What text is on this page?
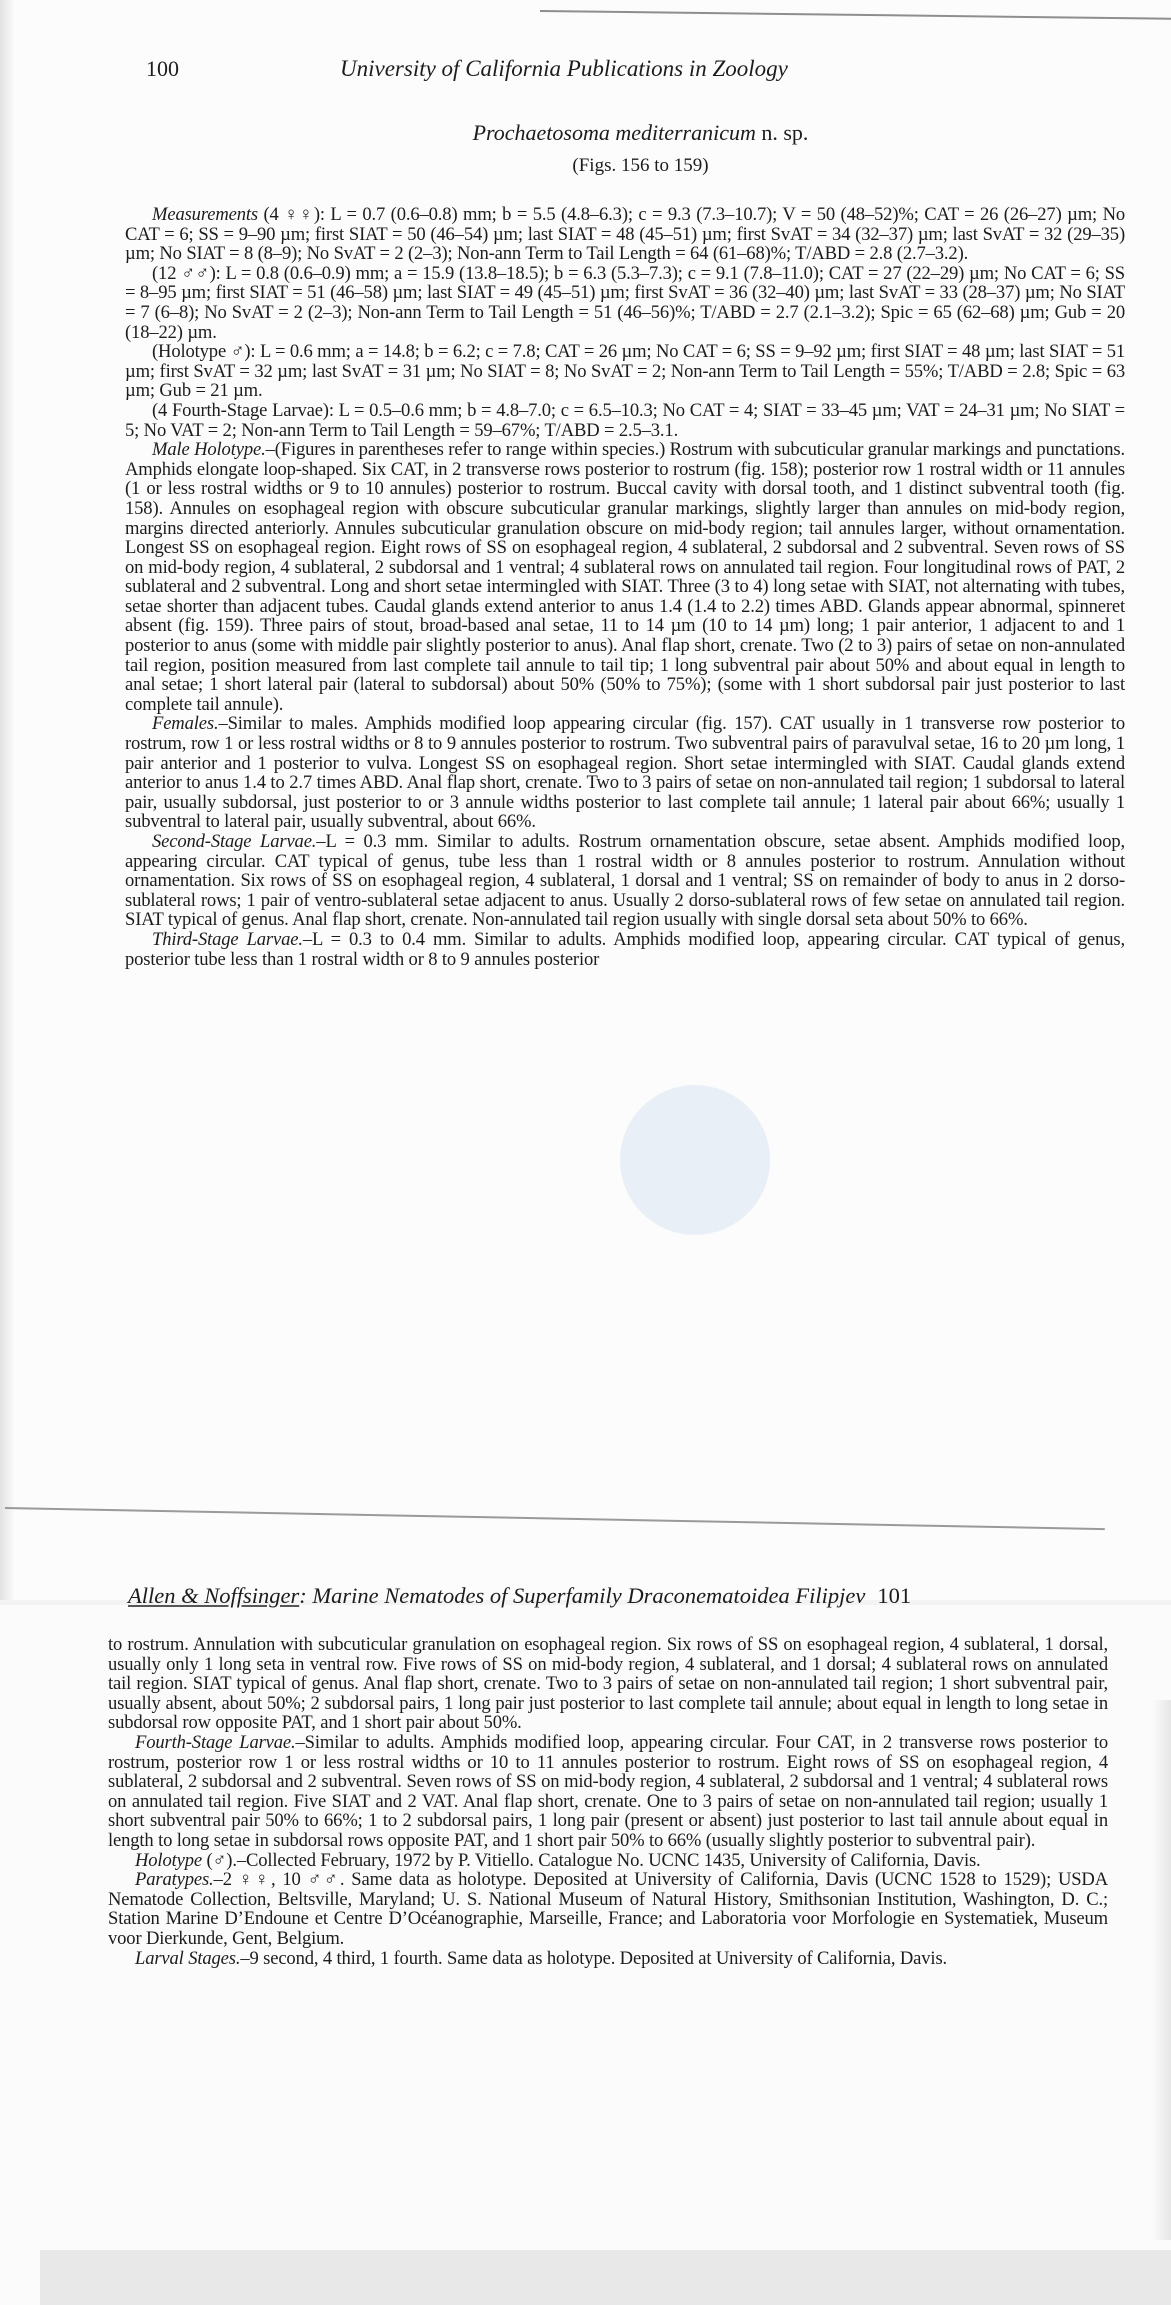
100	University of California Publications in Zoology
Prochaetosoma mediterranicum n. sp.
(Figs. 156 to 159)

Measurements (4 ♀♀): L = 0.7 (0.6–0.8) mm; b = 5.5 (4.8–6.3); c = 9.3 (7.3–10.7); V = 50 (48–52)%; CAT = 26 (26–27) µm; No CAT = 6; SS = 9–90 µm; first SIAT = 50 (46–54) µm; last SIAT = 48 (45–51) µm; first SvAT = 34 (32–37) µm; last SvAT = 32 (29–35) µm; No SIAT = 8 (8–9); No SvAT = 2 (2–3); Non-ann Term to Tail Length = 64 (61–68)%; T/ABD = 2.8 (2.7–3.2).

(12 ♂♂): L = 0.8 (0.6–0.9) mm; a = 15.9 (13.8–18.5); b = 6.3 (5.3–7.3); c = 9.1 (7.8–11.0); CAT = 27 (22–29) µm; No CAT = 6; SS = 8–95 µm; first SIAT = 51 (46–58) µm; last SIAT = 49 (45–51) µm; first SvAT = 36 (32–40) µm; last SvAT = 33 (28–37) µm; No SIAT = 7 (6–8); No SvAT = 2 (2–3); Non-ann Term to Tail Length = 51 (46–56)%; T/ABD = 2.7 (2.1–3.2); Spic = 65 (62–68) µm; Gub = 20 (18–22) µm.

(Holotype ♂): L = 0.6 mm; a = 14.8; b = 6.2; c = 7.8; CAT = 26 µm; No CAT = 6; SS = 9–92 µm; first SIAT = 48 µm; last SIAT = 51 µm; first SvAT = 32 µm; last SvAT = 31 µm; No SIAT = 8; No SvAT = 2; Non-ann Term to Tail Length = 55%; T/ABD = 2.8; Spic = 63 µm; Gub = 21 µm.

(4 Fourth-Stage Larvae): L = 0.5–0.6 mm; b = 4.8–7.0; c = 6.5–10.3; No CAT = 4; SIAT = 33–45 µm; VAT = 24–31 µm; No SIAT = 5; No VAT = 2; Non-ann Term to Tail Length = 59–67%; T/ABD = 2.5–3.1.

Male Holotype.–(Figures in parentheses refer to range within species.) Rostrum with subcuticular granular markings and punctations. Amphids elongate loop-shaped. Six CAT, in 2 transverse rows posterior to rostrum (fig. 158); posterior row 1 rostral width or 11 annules (1 or less rostral widths or 9 to 10 annules) posterior to rostrum. Buccal cavity with dorsal tooth, and 1 distinct subventral tooth (fig. 158). Annules on esophageal region with obscure subcuticular granular markings, slightly larger than annules on mid-body region, margins directed anteriorly. Annules subcuticular granulation obscure on mid-body region; tail annules larger, without ornamentation. Longest SS on esophageal region. Eight rows of SS on esophageal region, 4 sublateral, 2 subdorsal and 2 subventral. Seven rows of SS on mid-body region, 4 sublateral, 2 subdorsal and 1 ventral; 4 sublateral rows on annulated tail region. Four longitudinal rows of PAT, 2 sublateral and 2 subventral. Long and short setae intermingled with SIAT. Three (3 to 4) long setae with SIAT, not alternating with tubes, setae shorter than adjacent tubes. Caudal glands extend anterior to anus 1.4 (1.4 to 2.2) times ABD. Glands appear abnormal, spinneret absent (fig. 159). Three pairs of stout, broad-based anal setae, 11 to 14 µm (10 to 14 µm) long; 1 pair anterior, 1 adjacent to and 1 posterior to anus (some with middle pair slightly posterior to anus). Anal flap short, crenate. Two (2 to 3) pairs of setae on non-annulated tail region, position measured from last complete tail annule to tail tip; 1 long subventral pair about 50% and about equal in length to anal setae; 1 short lateral pair (lateral to subdorsal) about 50% (50% to 75%); (some with 1 short subdorsal pair just posterior to last complete tail annule).

Females.–Similar to males. Amphids modified loop appearing circular (fig. 157). CAT usually in 1 transverse row posterior to rostrum, row 1 or less rostral widths or 8 to 9 annules posterior to rostrum. Two subventral pairs of paravulval setae, 16 to 20 µm long, 1 pair anterior and 1 posterior to vulva. Longest SS on esophageal region. Short setae intermingled with SIAT. Caudal glands extend anterior to anus 1.4 to 2.7 times ABD. Anal flap short, crenate. Two to 3 pairs of setae on non-annulated tail region; 1 subdorsal to lateral pair, usually subdorsal, just posterior to or 3 annule widths posterior to last complete tail annule; 1 lateral pair about 66%; usually 1 subventral to lateral pair, usually subventral, about 66%.

Second-Stage Larvae.–L = 0.3 mm. Similar to adults. Rostrum ornamentation obscure, setae absent. Amphids modified loop, appearing circular. CAT typical of genus, tube less than 1 rostral width or 8 annules posterior to rostrum. Annulation without ornamentation. Six rows of SS on esophageal region, 4 sublateral, 1 dorsal and 1 ventral; SS on remainder of body to anus in 2 dorso-sublateral rows; 1 pair of ventro-sublateral setae adjacent to anus. Usually 2 dorso-sublateral rows of few setae on annulated tail region. SIAT typical of genus. Anal flap short, crenate. Non-annulated tail region usually with single dorsal seta about 50% to 66%.

Third-Stage Larvae.–L = 0.3 to 0.4 mm. Similar to adults. Amphids modified loop, appearing circular. CAT typical of genus, posterior tube less than 1 rostral width or 8 to 9 annules posterior

Allen & Noffsinger: Marine Nematodes of Superfamily Draconematoidea Filipjev 101

to rostrum. Annulation with subcuticular granulation on esophageal region. Six rows of SS on esophageal region, 4 sublateral, 1 dorsal, usually only 1 long seta in ventral row. Five rows of SS on mid-body region, 4 sublateral, and 1 dorsal; 4 sublateral rows on annulated tail region. SIAT typical of genus. Anal flap short, crenate. Two to 3 pairs of setae on non-annulated tail region; 1 short subventral pair, usually absent, about 50%; 2 subdorsal pairs, 1 long pair just posterior to last complete tail annule; about equal in length to long setae in subdorsal row opposite PAT, and 1 short pair about 50%.

Fourth-Stage Larvae.–Similar to adults. Amphids modified loop, appearing circular. Four CAT, in 2 transverse rows posterior to rostrum, posterior row 1 or less rostral widths or 10 to 11 annules posterior to rostrum. Eight rows of SS on esophageal region, 4 sublateral, 2 subdorsal and 2 subventral. Seven rows of SS on mid-body region, 4 sublateral, 2 subdorsal and 1 ventral; 4 sublateral rows on annulated tail region. Five SIAT and 2 VAT. Anal flap short, crenate. One to 3 pairs of setae on non-annulated tail region; usually 1 short subventral pair 50% to 66%; 1 to 2 subdorsal pairs, 1 long pair (present or absent) just posterior to last tail annule about equal in length to long setae in subdorsal rows opposite PAT, and 1 short pair 50% to 66% (usually slightly posterior to subventral pair).

Holotype (♂).–Collected February, 1972 by P. Vitiello. Catalogue No. UCNC 1435, University of California, Davis.

Paratypes.–2 ♀♀, 10 ♂♂. Same data as holotype. Deposited at University of California, Davis (UCNC 1528 to 1529); USDA Nematode Collection, Beltsville, Maryland; U. S. National Museum of Natural History, Smithsonian Institution, Washington, D. C.; Station Marine D’Endoune et Centre D’Océanographie, Marseille, France; and Laboratoria voor Morfologie en Systematiek, Museum voor Dierkunde, Gent, Belgium.

Larval Stages.–9 second, 4 third, 1 fourth. Same data as holotype. Deposited at University of California, Davis.
